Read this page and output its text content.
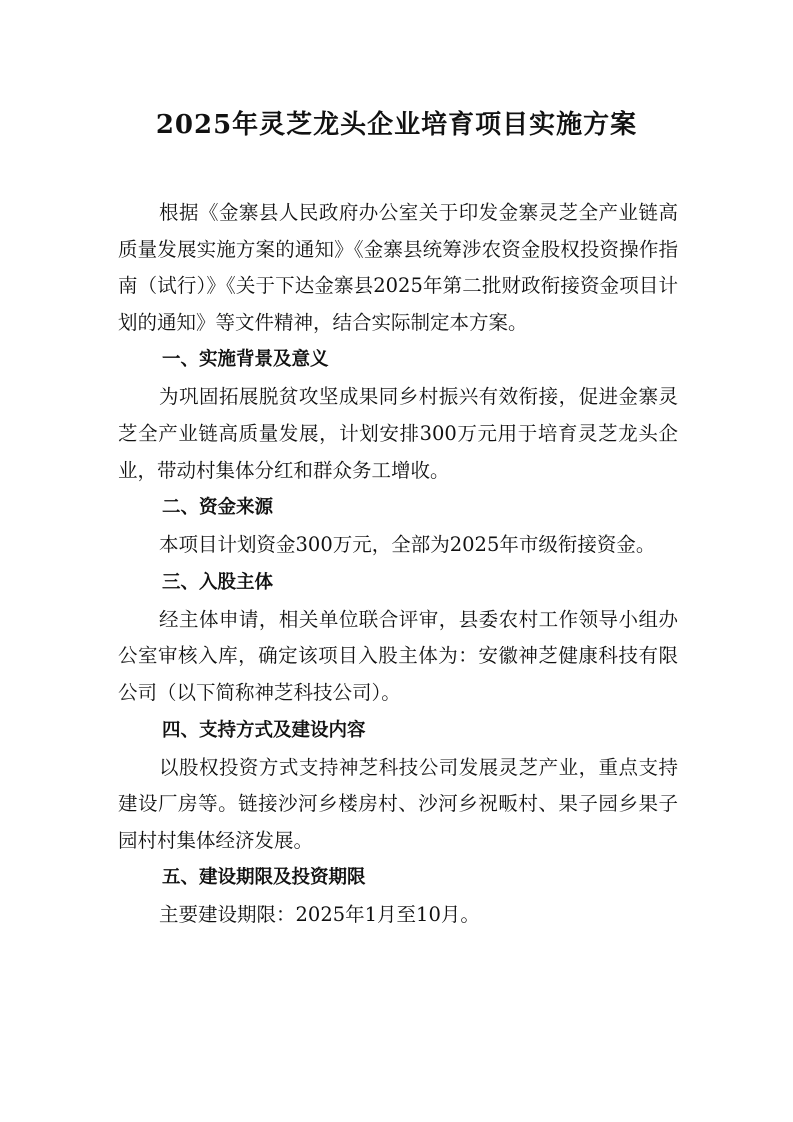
2025年灵芝龙头企业培育项目实施方案

根据《金寨县人民政府办公室关于印发金寨灵芝全产业链高质量发展实施方案的通知》《金寨县统筹涉农资金股权投资操作指南（试行）》《关于下达金寨县2025年第二批财政衔接资金项目计划的通知》等文件精神，结合实际制定本方案。

一、实施背景及意义

为巩固拓展脱贫攻坚成果同乡村振兴有效衔接，促进金寨灵芝全产业链高质量发展，计划安排300万元用于培育灵芝龙头企业，带动村集体分红和群众务工增收。

二、资金来源

本项目计划资金300万元，全部为2025年市级衔接资金。

三、入股主体

经主体申请，相关单位联合评审，县委农村工作领导小组办公室审核入库，确定该项目入股主体为：安徽神芝健康科技有限公司（以下简称神芝科技公司）。

四、支持方式及建设内容

以股权投资方式支持神芝科技公司发展灵芝产业，重点支持建设厂房等。链接沙河乡楼房村、沙河乡祝畈村、果子园乡果子园村村集体经济发展。

五、建设期限及投资期限

主要建设期限：2025年1月至10月。
